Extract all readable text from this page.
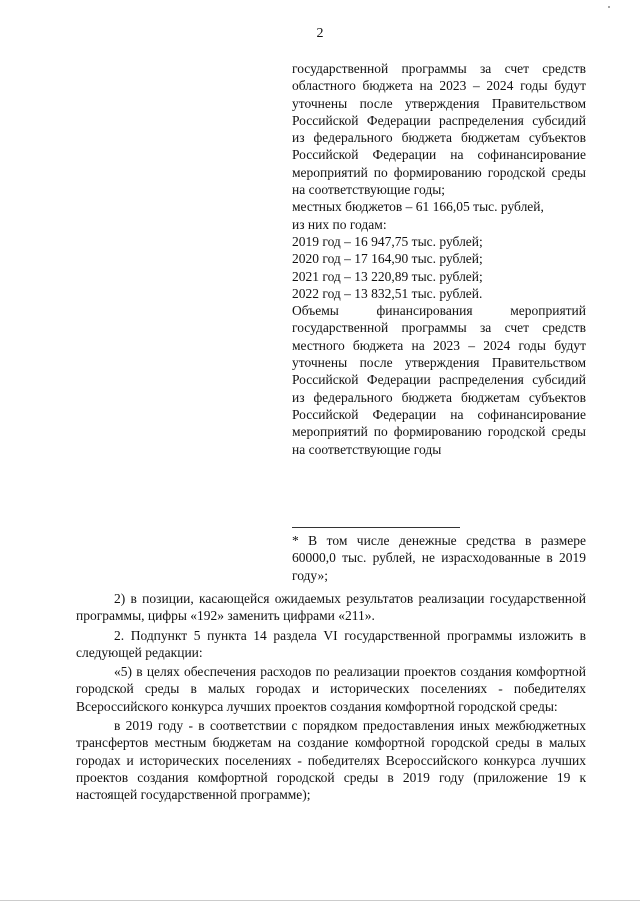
2

государственной программы за счет средств областного бюджета на 2023 – 2024 годы будут уточнены после утверждения Правительством Российской Федерации распределения субсидий из федерального бюджета бюджетам субъектов Российской Федерации на софинансирование мероприятий по формированию городской среды на соответствующие годы;

местных бюджетов – 61 166,05 тыс. рублей,

из них по годам:

2019 год – 16 947,75 тыс. рублей;

2020 год – 17 164,90 тыс. рублей;

2021 год – 13 220,89 тыс. рублей;

2022 год – 13 832,51 тыс. рублей.

Объемы финансирования мероприятий государственной программы за счет средств местного бюджета на 2023 – 2024 годы будут уточнены после утверждения Правительством Российской Федерации распределения субсидий из федерального бюджета бюджетам субъектов Российской Федерации на софинансирование мероприятий по формированию городской среды на соответствующие годы

* В том числе денежные средства в размере 60000,0 тыс. рублей, не израсходованные в 2019 году»;

2) в позиции, касающейся ожидаемых результатов реализации государственной программы, цифры «192» заменить цифрами «211».

2. Подпункт 5 пункта 14 раздела VI государственной программы изложить в следующей редакции:

«5) в целях обеспечения расходов по реализации проектов создания комфортной городской среды в малых городах и исторических поселениях - победителях Всероссийского конкурса лучших проектов создания комфортной городской среды:

в 2019 году - в соответствии с порядком предоставления иных межбюджетных трансфертов местным бюджетам на создание комфортной городской среды в малых городах и исторических поселениях - победителях Всероссийского конкурса лучших проектов создания комфортной городской среды в 2019 году (приложение 19 к настоящей государственной программе);
